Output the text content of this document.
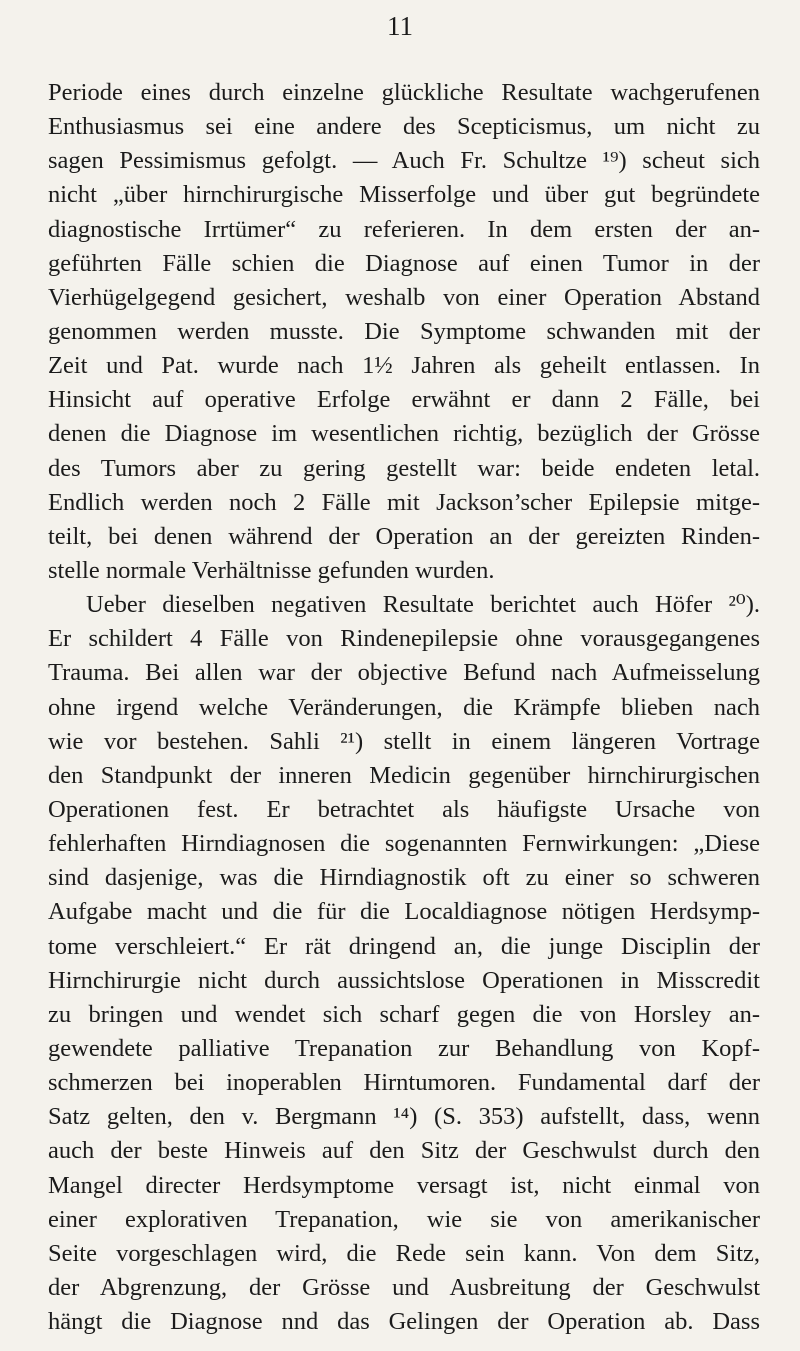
11
Periode eines durch einzelne glückliche Resultate wachgerufenen
Enthusiasmus sei eine andere des Scepticismus, um nicht zu
sagen Pessimismus gefolgt. — Auch Fr. Schultze ¹⁹) scheut sich
nicht „über hirnchirurgische Misserfolge und über gut begründete
diagnostische Irrtümer“ zu referieren. In dem ersten der an-
geführten Fälle schien die Diagnose auf einen Tumor in der
Vierhügelgegend gesichert, weshalb von einer Operation Abstand
genommen werden musste. Die Symptome schwanden mit der
Zeit und Pat. wurde nach 1½ Jahren als geheilt entlassen. In
Hinsicht auf operative Erfolge erwähnt er dann 2 Fälle, bei
denen die Diagnose im wesentlichen richtig, bezüglich der Grösse
des Tumors aber zu gering gestellt war: beide endeten letal.
Endlich werden noch 2 Fälle mit Jackson’scher Epilepsie mitge-
teilt, bei denen während der Operation an der gereizten Rinden-
stelle normale Verhältnisse gefunden wurden.
Ueber dieselben negativen Resultate berichtet auch Höfer ²⁰).
Er schildert 4 Fälle von Rindenepilepsie ohne vorausgegangenes
Trauma. Bei allen war der objective Befund nach Aufmeisselung
ohne irgend welche Veränderungen, die Krämpfe blieben nach
wie vor bestehen. Sahli ²¹) stellt in einem längeren Vortrage
den Standpunkt der inneren Medicin gegenüber hirnchirurgischen
Operationen fest. Er betrachtet als häufigste Ursache von
fehlerhaften Hirndiagnosen die sogenannten Fernwirkungen: „Diese
sind dasjenige, was die Hirndiagnostik oft zu einer so schweren
Aufgabe macht und die für die Localdiagnose nötigen Herdsymp-
tome verschleiert.“ Er rät dringend an, die junge Disciplin der
Hirnchirurgie nicht durch aussichtslose Operationen in Misscredit
zu bringen und wendet sich scharf gegen die von Horsley an-
gewendete palliative Trepanation zur Behandlung von Kopf-
schmerzen bei inoperablen Hirntumoren. Fundamental darf der
Satz gelten, den v. Bergmann ¹⁴) (S. 353) aufstellt, dass, wenn
auch der beste Hinweis auf den Sitz der Geschwulst durch den
Mangel directer Herdsymptome versagt ist, nicht einmal von
einer explorativen Trepanation, wie sie von amerikanischer
Seite vorgeschlagen wird, die Rede sein kann. Von dem Sitz,
der Abgrenzung, der Grösse und Ausbreitung der Geschwulst
hängt die Diagnose nnd das Gelingen der Operation ab. Dass
